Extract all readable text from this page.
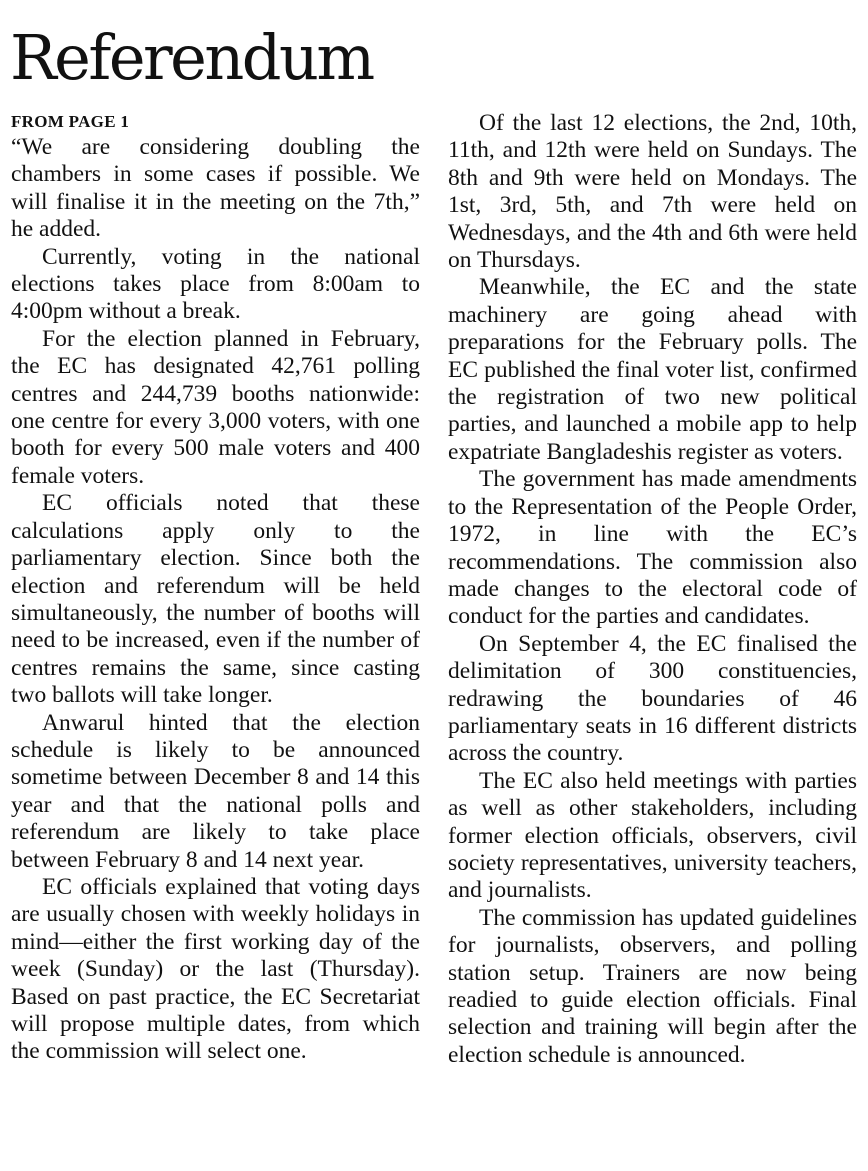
Referendum
FROM PAGE 1

“We are considering doubling the chambers in some cases if possible. We will finalise it in the meeting on the 7th,” he added.

Currently, voting in the national elections takes place from 8:00am to 4:00pm without a break.

For the election planned in February, the EC has designated 42,761 polling centres and 244,739 booths nationwide: one centre for every 3,000 voters, with one booth for every 500 male voters and 400 female voters.

EC officials noted that these calculations apply only to the parliamentary election. Since both the election and referendum will be held simultaneously, the number of booths will need to be increased, even if the number of centres remains the same, since casting two ballots will take longer.

Anwarul hinted that the election schedule is likely to be announced sometime between December 8 and 14 this year and that the national polls and referendum are likely to take place between February 8 and 14 next year.

EC officials explained that voting days are usually chosen with weekly holidays in mind—either the first working day of the week (Sunday) or the last (Thursday). Based on past practice, the EC Secretariat will propose multiple dates, from which the commission will select one.

Of the last 12 elections, the 2nd, 10th, 11th, and 12th were held on Sundays. The 8th and 9th were held on Mondays. The 1st, 3rd, 5th, and 7th were held on Wednesdays, and the 4th and 6th were held on Thursdays.

Meanwhile, the EC and the state machinery are going ahead with preparations for the February polls. The EC published the final voter list, confirmed the registration of two new political parties, and launched a mobile app to help expatriate Bangladeshis register as voters.

The government has made amendments to the Representation of the People Order, 1972, in line with the EC’s recommendations. The commission also made changes to the electoral code of conduct for the parties and candidates.

On September 4, the EC finalised the delimitation of 300 constituencies, redrawing the boundaries of 46 parliamentary seats in 16 different districts across the country.

The EC also held meetings with parties as well as other stakeholders, including former election officials, observers, civil society representatives, university teachers, and journalists.

The commission has updated guidelines for journalists, observers, and polling station setup. Trainers are now being readied to guide election officials. Final selection and training will begin after the election schedule is announced.
